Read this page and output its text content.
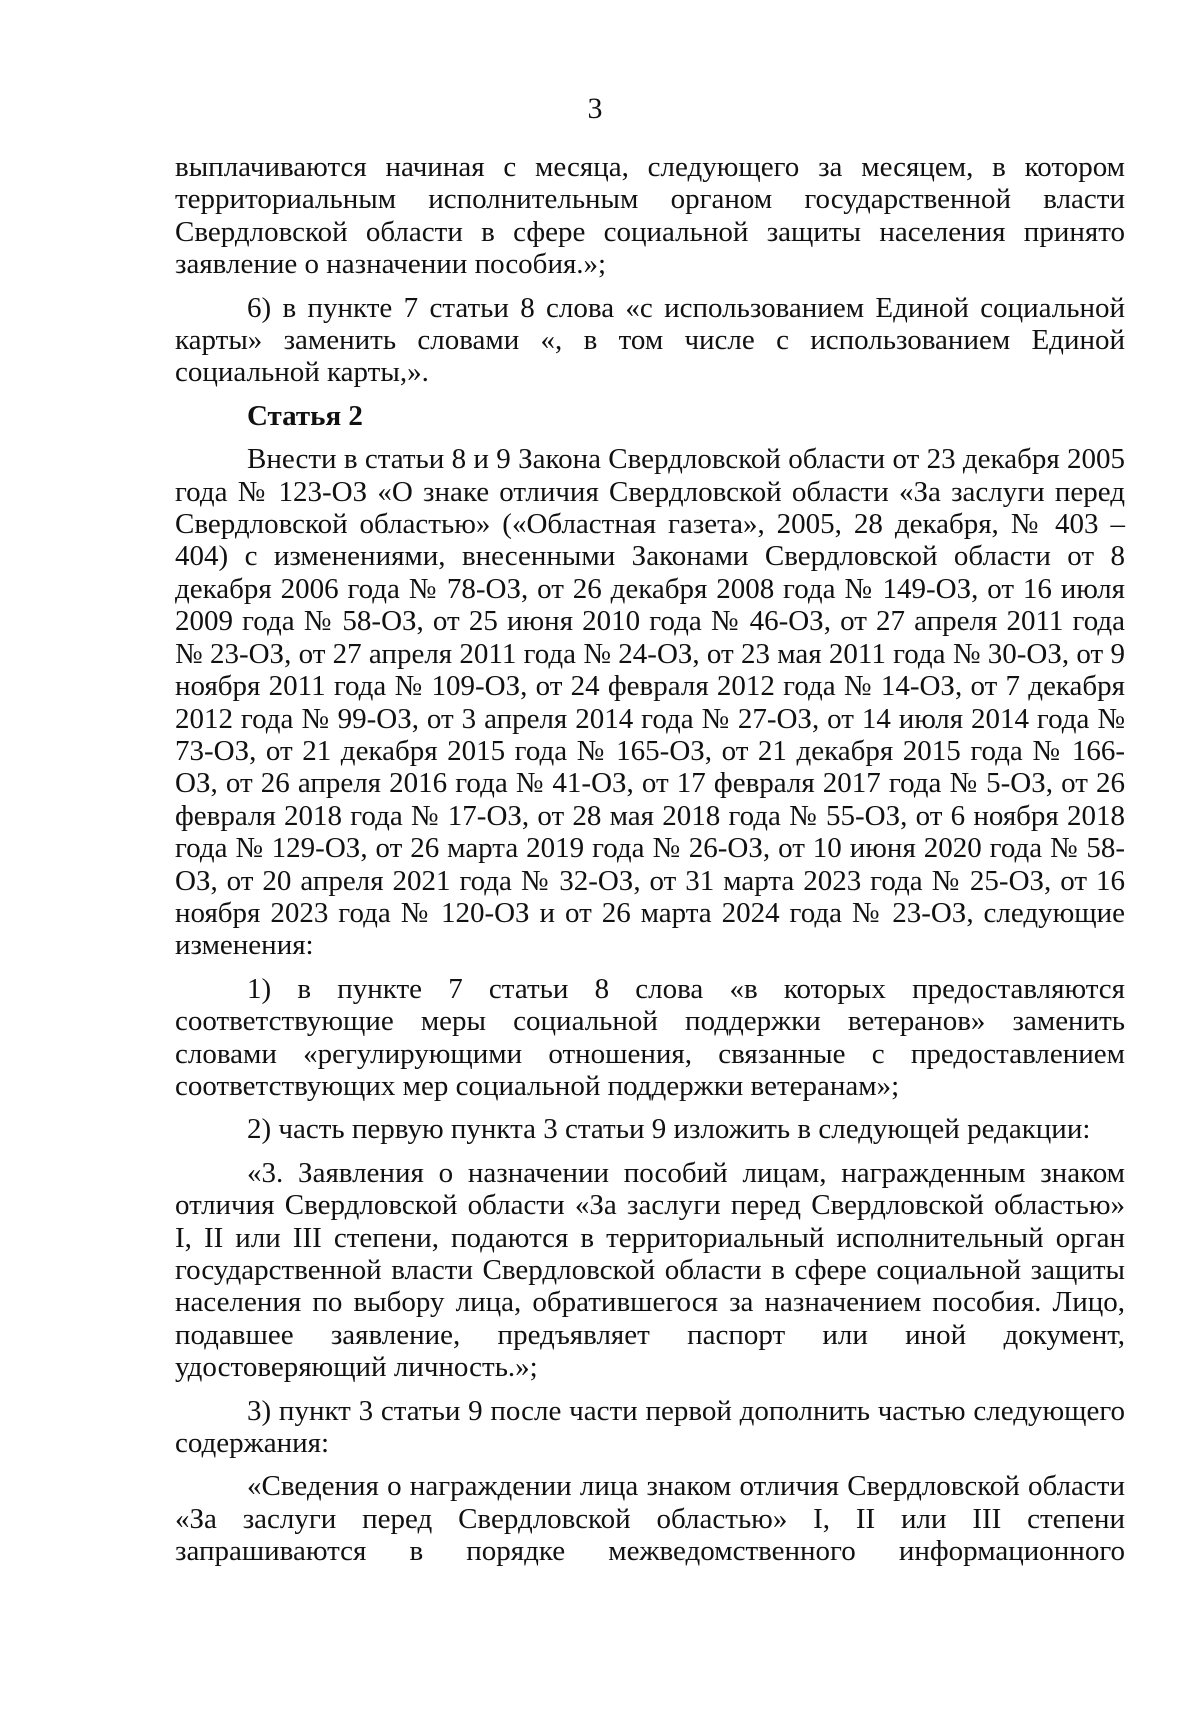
3

выплачиваются начиная с месяца, следующего за месяцем, в котором территориальным исполнительным органом государственной власти Свердловской области в сфере социальной защиты населения принято заявление о назначении пособия.»;

6) в пункте 7 статьи 8 слова «с использованием Единой социальной карты» заменить словами «, в том числе с использованием Единой социальной карты,».

Статья 2

Внести в статьи 8 и 9 Закона Свердловской области от 23 декабря 2005 года № 123-ОЗ «О знаке отличия Свердловской области «За заслуги перед Свердловской областью» («Областная газета», 2005, 28 декабря, № 403 – 404) с изменениями, внесенными Законами Свердловской области от 8 декабря 2006 года № 78-ОЗ, от 26 декабря 2008 года № 149-ОЗ, от 16 июля 2009 года № 58-ОЗ, от 25 июня 2010 года № 46-ОЗ, от 27 апреля 2011 года № 23-ОЗ, от 27 апреля 2011 года № 24-ОЗ, от 23 мая 2011 года № 30-ОЗ, от 9 ноября 2011 года № 109-ОЗ, от 24 февраля 2012 года № 14-ОЗ, от 7 декабря 2012 года № 99-ОЗ, от 3 апреля 2014 года № 27-ОЗ, от 14 июля 2014 года № 73-ОЗ, от 21 декабря 2015 года № 165-ОЗ, от 21 декабря 2015 года № 166-ОЗ, от 26 апреля 2016 года № 41-ОЗ, от 17 февраля 2017 года № 5-ОЗ, от 26 февраля 2018 года № 17-ОЗ, от 28 мая 2018 года № 55-ОЗ, от 6 ноября 2018 года № 129-ОЗ, от 26 марта 2019 года № 26-ОЗ, от 10 июня 2020 года № 58-ОЗ, от 20 апреля 2021 года № 32-ОЗ, от 31 марта 2023 года № 25-ОЗ, от 16 ноября 2023 года № 120-ОЗ и от 26 марта 2024 года № 23-ОЗ, следующие изменения:

1) в пункте 7 статьи 8 слова «в которых предоставляются соответствующие меры социальной поддержки ветеранов» заменить словами «регулирующими отношения, связанные с предоставлением соответствующих мер социальной поддержки ветеранам»;

2) часть первую пункта 3 статьи 9 изложить в следующей редакции:

«3. Заявления о назначении пособий лицам, награжденным знаком отличия Свердловской области «За заслуги перед Свердловской областью» I, II или III степени, подаются в территориальный исполнительный орган государственной власти Свердловской области в сфере социальной защиты населения по выбору лица, обратившегося за назначением пособия. Лицо, подавшее заявление, предъявляет паспорт или иной документ, удостоверяющий личность.»;

3) пункт 3 статьи 9 после части первой дополнить частью следующего содержания:

«Сведения о награждении лица знаком отличия Свердловской области «За заслуги перед Свердловской областью» I, II или III степени запрашиваются в порядке межведомственного информационного
